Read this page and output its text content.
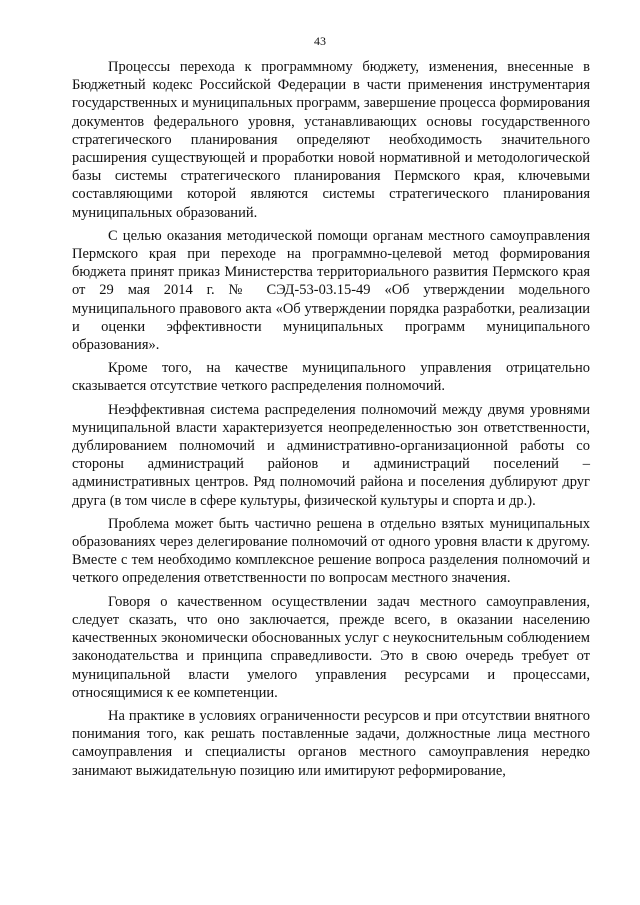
43

Процессы перехода к программному бюджету, изменения, внесенные в Бюджетный кодекс Российской Федерации в части применения инструментария государственных и муниципальных программ, завершение процесса формирования документов федерального уровня, устанавливающих основы государственного стратегического планирования определяют необходимость значительного расширения существующей и проработки новой нормативной и методологической базы системы стратегического планирования Пермского края, ключевыми составляющими которой являются системы стратегического планирования муниципальных образований.

С целью оказания методической помощи органам местного самоуправления Пермского края при переходе на программно-целевой метод формирования бюджета принят приказ Министерства территориального развития Пермского края от 29 мая 2014 г. № СЭД-53-03.15-49 «Об утверждении модельного муниципального правового акта «Об утверждении порядка разработки, реализации и оценки эффективности муниципальных программ муниципального образования».

Кроме того, на качестве муниципального управления отрицательно сказывается отсутствие четкого распределения полномочий.

Неэффективная система распределения полномочий между двумя уровнями муниципальной власти характеризуется неопределенностью зон ответственности, дублированием полномочий и административно-организационной работы со стороны администраций районов и администраций поселений – административных центров. Ряд полномочий района и поселения дублируют друг друга (в том числе в сфере культуры, физической культуры и спорта и др.).

Проблема может быть частично решена в отдельно взятых муниципальных образованиях через делегирование полномочий от одного уровня власти к другому. Вместе с тем необходимо комплексное решение вопроса разделения полномочий и четкого определения ответственности по вопросам местного значения.

Говоря о качественном осуществлении задач местного самоуправления, следует сказать, что оно заключается, прежде всего, в оказании населению качественных экономически обоснованных услуг с неукоснительным соблюдением законодательства и принципа справедливости. Это в свою очередь требует от муниципальной власти умелого управления ресурсами и процессами, относящимися к ее компетенции.

На практике в условиях ограниченности ресурсов и при отсутствии внятного понимания того, как решать поставленные задачи, должностные лица местного самоуправления и специалисты органов местного самоуправления нередко занимают выжидательную позицию или имитируют реформирование,
